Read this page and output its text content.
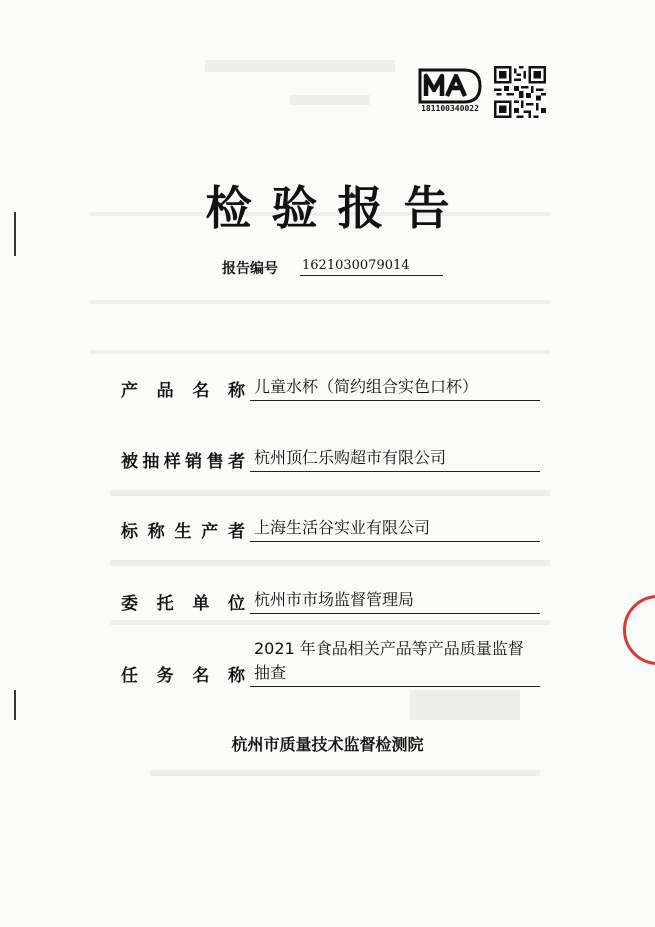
181100340022
检验报告
报告编号 1621030079014
产 品 名 称 儿童水杯（简约组合实色口杯）
被 抽 样 销 售 者 杭州顶仁乐购超市有限公司
标 称 生 产 者 上海生活谷实业有限公司
委 托 单 位 杭州市市场监督管理局
任 务 名 称
2021 年食品相关产品等产品质量监督
抽查
杭州市质量技术监督检测院
